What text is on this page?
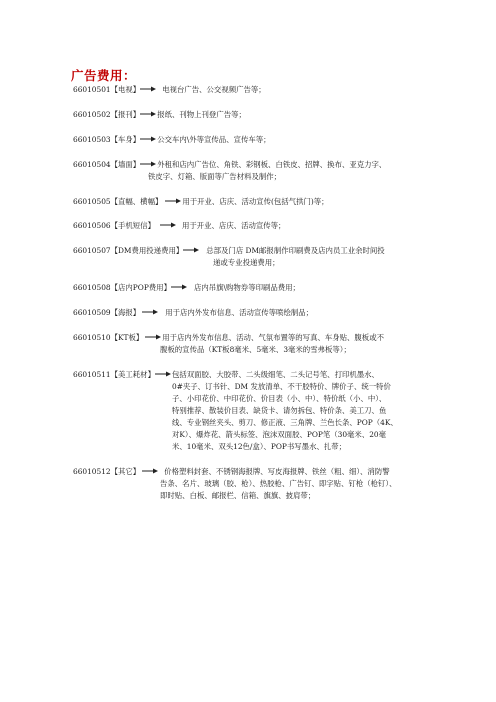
广告费用：
66010501【电视】	电视台广告、公交视频广告等；
66010502【报刊】 报纸、刊物上刊登广告等；
66010503【车身】 公交车内\外等宣传品、宣传车等；
66010504【墙面】 外租和店内广告位、角铁、彩钢板、白铁皮、招牌、换布、亚克力字、
铁皮字、灯箱、版面等广告材料及制作；
66010505【直幅、横幅】	用于开业、店庆、活动宣传(包括气拱门)等；
66010506【手机短信】	用于开业、店庆、活动宣传等；
66010507【DM费用投递费用】	总部及门店 DM邮报制作印刷费及店内员工业余时间投
递或专业投递费用；
66010508【店内POP费用】	店内吊旗\购物券等印刷品费用；
66010509【海报】	用于店内外发布信息、活动宣传等喷绘制品；
66010510【KT板】	用于店内外发布信息、活动、气氛布置等的写真、车身贴、腹板或不
腹板的宣传品（KT板8毫米、5毫米、3毫米的雪弗板等）；
66010511【美工耗材】 包括双面胶、大胶带、二头级细笔、二头记号笔、打印机墨水、
0#夹子、订书针、DM 发放清单、不干胶特价、牌价子、统一特价
子、小印花价、中印花价、价目表（小、中）、特价纸（小、中）、
特别推荐、散装价目表、缺货卡、请勿拆包、特价条、美工刀、鱼
线、专业钢丝夹头、剪刀、修正液、三角牌、兰色长条、POP（4K、
对K）、爆炸花、箭头标签、泡沫双面胶、POP笔（30毫米、20毫
米、10毫米、双头12色/盒）、POP书写墨水、扎带；
66010512【其它】	价格塑料封套、不锈钢海报牌、写皮海报牌、铁丝（粗、细）、消防警
告条、名片、玻璃（胶、枪）、热胶枪、广告钉、即字贴、钉枪（枪钉）、
即时贴、白板、邮报栏、信箱、旗旗、披肩带；
